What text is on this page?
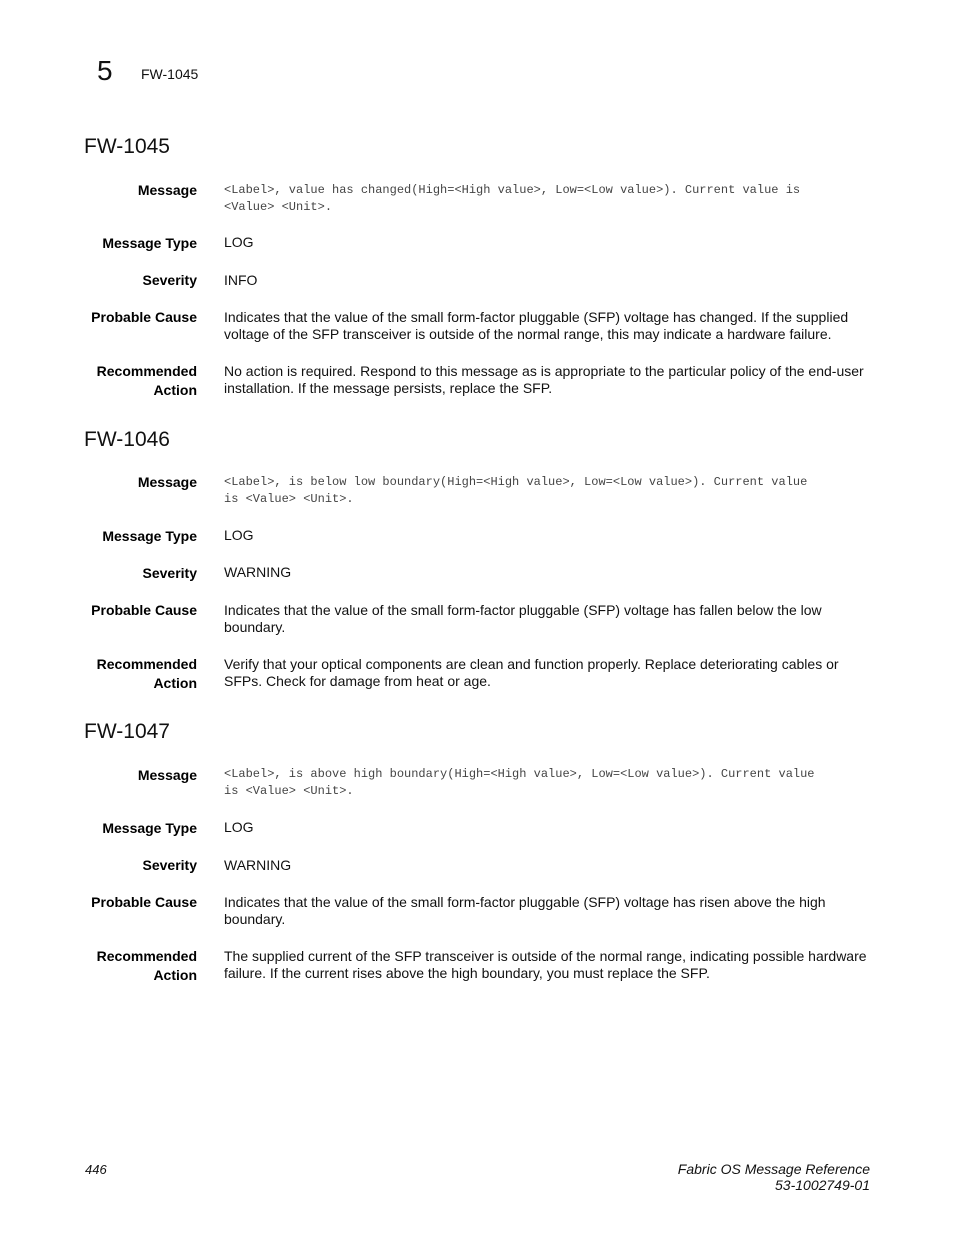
5 FW-1045
FW-1045
Message <Label>, value has changed(High=<High value>, Low=<Low value>). Current value is
<Value> <Unit>.
Message Type LOG
Severity INFO
Probable Cause Indicates that the value of the small form-factor pluggable (SFP) voltage has changed. If the supplied
voltage of the SFP transceiver is outside of the normal range, this may indicate a hardware failure.
Recommended
Action
No action is required. Respond to this message as is appropriate to the particular policy of the end-user
installation. If the message persists, replace the SFP.
FW-1046
Message <Label>, is below low boundary(High=<High value>, Low=<Low value>). Current value
is <Value> <Unit>.
Message Type LOG
Severity WARNING
Probable Cause Indicates that the value of the small form-factor pluggable (SFP) voltage has fallen below the low
boundary.
Recommended
Action
Verify that your optical components are clean and function properly. Replace deteriorating cables or
SFPs. Check for damage from heat or age.
FW-1047
Message <Label>, is above high boundary(High=<High value>, Low=<Low value>). Current value
is <Value> <Unit>.
Message Type LOG
Severity WARNING
Probable Cause Indicates that the value of the small form-factor pluggable (SFP) voltage has risen above the high
boundary.
Recommended
Action
The supplied current of the SFP transceiver is outside of the normal range, indicating possible hardware
failure. If the current rises above the high boundary, you must replace the SFP.
446	Fabric OS Message Reference
53-1002749-01
